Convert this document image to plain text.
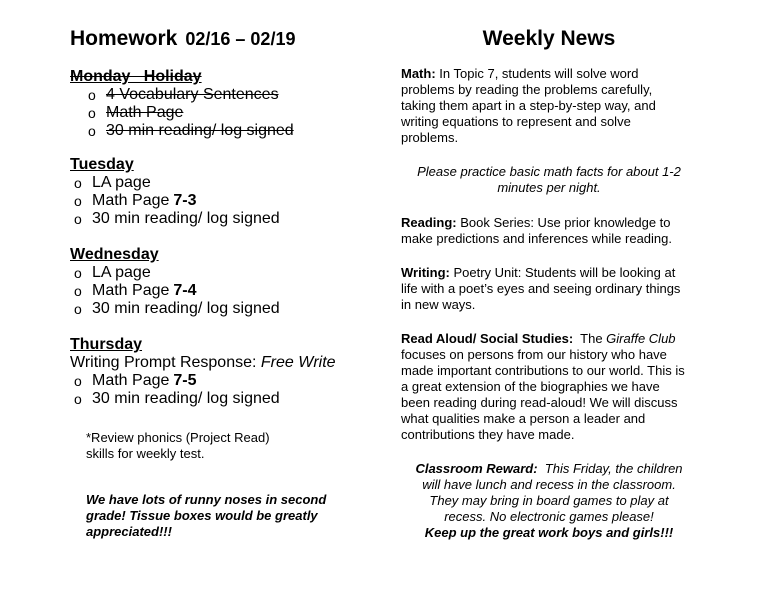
Homework 02/16 – 02/19
Monday   Holiday
o 4 Vocabulary Sentences
o Math Page
o 30 min reading/ log signed
Tuesday
o LA page
o Math Page 7-3
o 30 min reading/ log signed
Wednesday
o LA page
o Math Page 7-4
o 30 min reading/ log signed
Thursday
Writing Prompt Response: Free Write
o Math Page 7-5
o 30 min reading/ log signed
*Review phonics (Project Read)
skills for weekly test.
We have lots of runny noses in second
grade! Tissue boxes would be greatly
appreciated!!!
Weekly News

Math: In Topic 7, students will solve word
problems by reading the problems carefully,
taking them apart in a step-by-step way, and
writing equations to represent and solve
problems.

Please practice basic math facts for about 1-2
minutes per night.

Reading: Book Series: Use prior knowledge to
make predictions and inferences while reading.

Writing: Poetry Unit: Students will be looking at
life with a poet’s eyes and seeing ordinary things
in new ways.

Read Aloud/ Social Studies:  The Giraffe Club
focuses on persons from our history who have
made important contributions to our world. This is
a great extension of the biographies we have
been reading during read-aloud! We will discuss
what qualities make a person a leader and
contributions they have made.

Classroom Reward:  This Friday, the children
will have lunch and recess in the classroom.
They may bring in board games to play at
recess. No electronic games please!
Keep up the great work boys and girls!!!
